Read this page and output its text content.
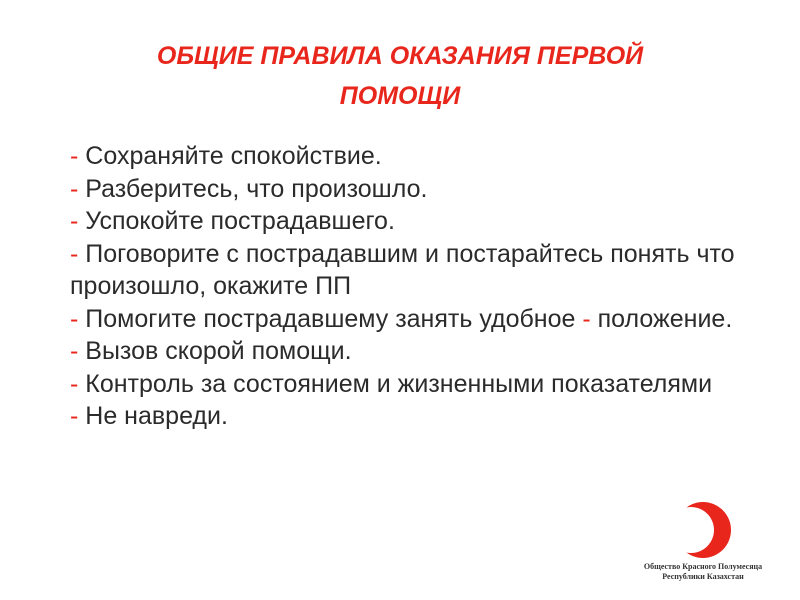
ОБЩИЕ ПРАВИЛА ОКАЗАНИЯ ПЕРВОЙ
ПОМОЩИ
- Сохраняйте спокойствие.
- Разберитесь, что произошло.
- Успокойте пострадавшего.
- Поговорите с пострадавшим и постарайтесь понять что произошло, окажите ПП
- Помогите пострадавшему занять удобное - положение.
- Вызов скорой помощи.
- Контроль за состоянием и жизненными показателями
- Не навреди.
Общество Красного Полумесяца
Республики Казахстан
